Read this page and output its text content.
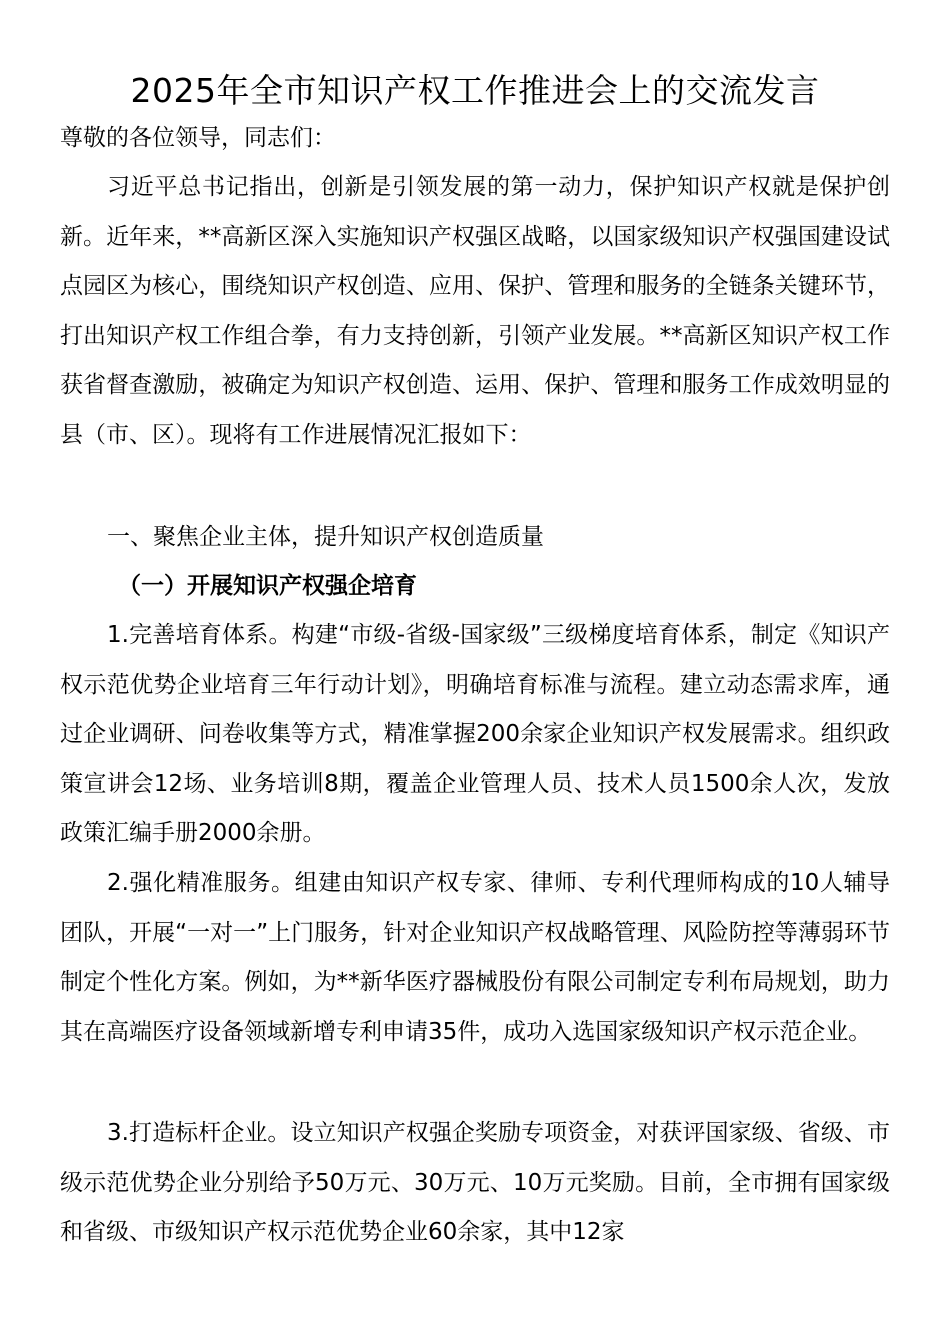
2025年全市知识产权工作推进会上的交流发言

尊敬的各位领导，同志们：

习近平总书记指出，创新是引领发展的第一动力，保护知识产权就是保护创新。近年来，**高新区深入实施知识产权强区战略，以国家级知识产权强国建设试点园区为核心，围绕知识产权创造、应用、保护、管理和服务的全链条关键环节，打出知识产权工作组合拳，有力支持创新，引领产业发展。**高新区知识产权工作获省督查激励，被确定为知识产权创造、运用、保护、管理和服务工作成效明显的县（市、区）。现将有工作进展情况汇报如下：

一、聚焦企业主体，提升知识产权创造质量

（一）开展知识产权强企培育

1.完善培育体系。构建“市级-省级-国家级”三级梯度培育体系，制定《知识产权示范优势企业培育三年行动计划》，明确培育标准与流程。建立动态需求库，通过企业调研、问卷收集等方式，精准掌握200余家企业知识产权发展需求。组织政策宣讲会12场、业务培训8期，覆盖企业管理人员、技术人员1500余人次，发放政策汇编手册2000余册。

2.强化精准服务。组建由知识产权专家、律师、专利代理师构成的10人辅导团队，开展“一对一”上门服务，针对企业知识产权战略管理、风险防控等薄弱环节制定个性化方案。例如，为**新华医疗器械股份有限公司制定专利布局规划，助力其在高端医疗设备领域新增专利申请35件，成功入选国家级知识产权示范企业。

3.打造标杆企业。设立知识产权强企奖励专项资金，对获评国家级、省级、市级示范优势企业分别给予50万元、30万元、10万元奖励。目前，全市拥有国家级和省级、市级知识产权示范优势企业60余家，其中12家
